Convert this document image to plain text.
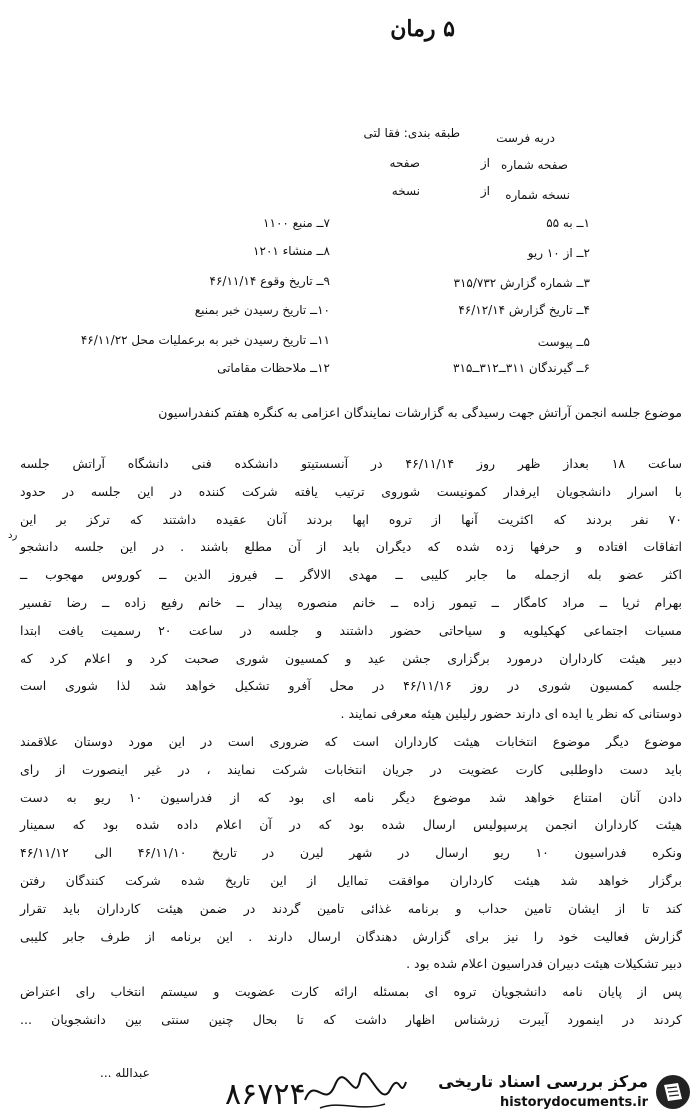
۵ رمان
دربه فرست
طبقه بندی: فقا لتی
صفحه شماره
از
صفحه
نسخه شماره
از
نسخه
۱ــ به ۵۵
۲ــ از ۱۰ ریو
۳ــ شماره گزارش ۳۱۵/۷۳۲
۴ــ تاریخ گزارش ۴۶/۱۲/۱۴
۵ــ پیوست
۶ــ گیرندگان ۳۱۱ــ۳۱۲ــ۳۱۵
۷ــ منبع ۱۱۰۰
۸ــ منشاء ۱۲۰۱
۹ــ تاریخ وقوع ۴۶/۱۱/۱۴
۱۰ــ تاریخ رسیدن خبر بمنبع
۱۱ــ تاریخ رسیدن خبر به برعملیات محل ۴۶/۱۱/۲۲
۱۲ــ ملاحظات مقاماتی
موضوع جلسه انجمن آراتش جهت رسیدگی به گزارشات نمایندگان اعزامی به کنگره هفتم کنفدراسیون
ساعت ۱۸ بعداز ظهر روز ۴۶/۱۱/۱۴ در آنسستیتو دانشکده فنی دانشگاه آراتش جلسه
با اسرار دانشجویان ایرفدار کمونیست شوروی ترتیب یافته شرکت کننده در این جلسه در حدود
۷۰ نفر بردند که اکثریت آنها از تروه اپها بردند آنان عقیده داشتند که ترکز بر این
اتفاقات افتاده و حرفها زده شده که دیگران باید از آن مطلع باشند . در این جلسه دانشجو
اکثر عضو بله ازجمله ما جابر کلیبی ــ مهدی الالاگر ــ فیروز الدین ــ کوروس مهجوب ــ
بهرام ثریا ــ مراد کامگار ــ تیمور زاده ــ خانم منصوره پیدار ــ خانم رفیع زاده ــ رضا تفسیر
مسیات اجتماعی کهکیلویه و سیاحاتی حضور داشتند و جلسه در ساعت ۲۰ رسمیت یافت ابتدا
دبیر هیئت کارداران درمورد برگزاری جشن عید و کمسیون شوری صحبت کرد و اعلام کرد که
جلسه کمسیون شوری در روز ۴۶/۱۱/۱۶ در محل آفرو تشکیل خواهد شد لذا شوری است
دوستانی که نظر یا ایده ای دارند حضور رلیلین هیئه معرفی نمایند .
موضوع دیگر موضوع انتخابات هیئت کارداران است که ضروری است در این مورد دوستان علاقمند
باید دست داوطلبی کارت عضویت در جریان انتخابات شرکت نمایند ، در غیر اینصورت از رای
دادن آنان امتناع خواهد شد موضوع دیگر نامه ای بود که از فدراسیون ۱۰ ریو به دست
هیئت کارداران انجمن پرسپولیس ارسال شده بود که در آن اعلام داده شده بود که سمینار
ونکره فدراسیون ۱۰ ریو ارسال در شهر لیرن در تاریخ ۴۶/۱۱/۱۰ الی ۴۶/۱۱/۱۲
برگزار خواهد شد هیئت کارداران موافقت تماایل از این تاریخ شده شرکت کنندگان رفتن
کند تا از ایشان تامین حداب و برنامه غذائی تامین گردند در ضمن هیئت کارداران باید تقرار
گزارش فعالیت خود را نیز برای گزارش دهندگان ارسال دارند . این برنامه از طرف جابر کلیبی
دبیر تشکیلات هیئت دبیران فدراسیون اعلام شده بود .
پس از پایان نامه دانشجویان تروه ای بمسئله ارائه کارت عضویت و سیستم انتخاب رای اعتراض
کردند در اینمورد آیبرت زرشناس اظهار داشت که تا بحال چنین سنتی بین دانشجویان ...
رد
عبدالله ...
۸۶۷۲۴	مرکز بررسی اسناد تاریخی
historydocuments.ir
